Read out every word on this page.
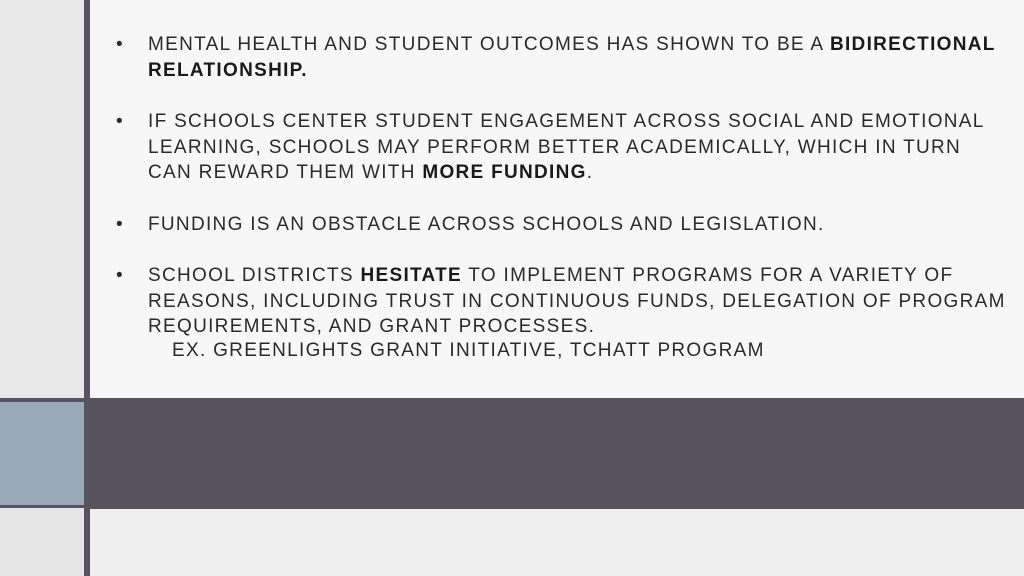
• MENTAL HEALTH AND STUDENT OUTCOMES HAS SHOWN TO BE A BIDIRECTIONAL RELATIONSHIP.
• IF SCHOOLS CENTER STUDENT ENGAGEMENT ACROSS SOCIAL AND EMOTIONAL LEARNING, SCHOOLS MAY PERFORM BETTER ACADEMICALLY, WHICH IN TURN CAN REWARD THEM WITH MORE FUNDING.
• FUNDING IS AN OBSTACLE ACROSS SCHOOLS AND LEGISLATION.
• SCHOOL DISTRICTS HESITATE TO IMPLEMENT PROGRAMS FOR A VARIETY OF REASONS, INCLUDING TRUST IN CONTINUOUS FUNDS, DELEGATION OF PROGRAM REQUIREMENTS, AND GRANT PROCESSES.
EX. GREENLIGHTS GRANT INITIATIVE, TCHATT PROGRAM
